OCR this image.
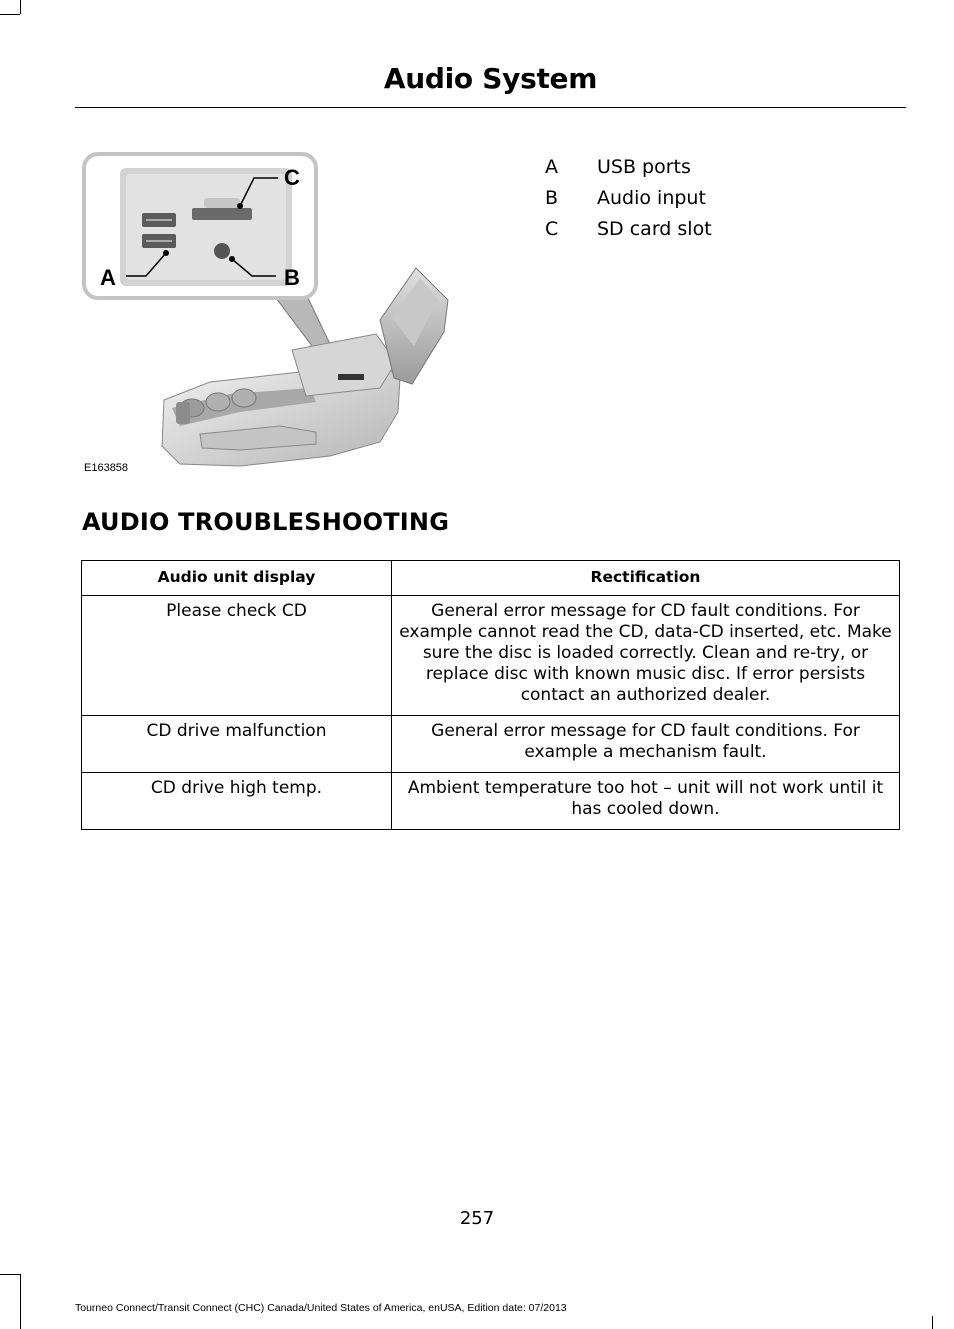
Audio System
A	B
C
E163858
A USB ports
B Audio input
C SD card slot
AUDIO TROUBLESHOOTING
Audio unit display	Rectification
Please check CD	General error message for CD fault conditions. For example cannot read the CD, data-CD inserted, etc. Make sure the disc is loaded correctly. Clean and re-try, or replace disc with known music disc. If error persists contact an authorized dealer.
CD drive malfunction	General error message for CD fault conditions. For example a mechanism fault.
CD drive high temp.	Ambient temperature too hot – unit will not work until it has cooled down.
257
Tourneo Connect/Transit Connect (CHC) Canada/United States of America, enUSA, Edition date: 07/2013
